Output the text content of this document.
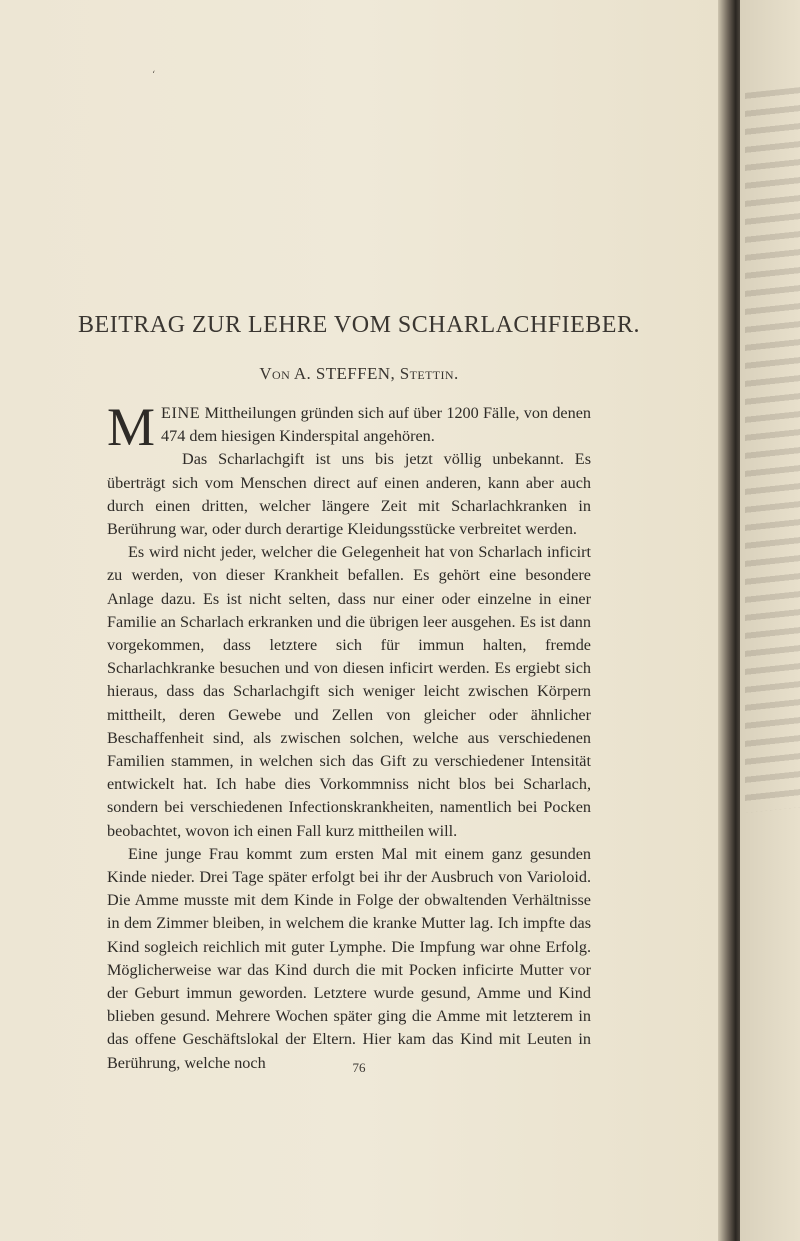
‘
BEITRAG ZUR LEHRE VOM SCHARLACHFIEBER.
Von A. STEFFEN, Stettin.

MEINE Mittheilungen gründen sich auf über 1200 Fälle, von denen 474 dem hiesigen Kinderspital angehören.

Das Scharlachgift ist uns bis jetzt völlig unbekannt. Es überträgt sich vom Menschen direct auf einen anderen, kann aber auch durch einen dritten, welcher längere Zeit mit Scharlachkranken in Berührung war, oder durch derartige Kleidungsstücke verbreitet werden.

Es wird nicht jeder, welcher die Gelegenheit hat von Scharlach inficirt zu werden, von dieser Krankheit befallen. Es gehört eine besondere Anlage dazu. Es ist nicht selten, dass nur einer oder einzelne in einer Familie an Scharlach erkranken und die übrigen leer ausgehen. Es ist dann vorgekommen, dass letztere sich für immun halten, fremde Scharlachkranke besuchen und von diesen inficirt werden. Es ergiebt sich hieraus, dass das Scharlachgift sich weniger leicht zwischen Körpern mittheilt, deren Gewebe und Zellen von gleicher oder ähnlicher Beschaffenheit sind, als zwischen solchen, welche aus verschiedenen Familien stammen, in welchen sich das Gift zu verschiedener Intensität entwickelt hat. Ich habe dies Vorkommniss nicht blos bei Scharlach, sondern bei verschiedenen Infectionskrankheiten, namentlich bei Pocken beobachtet, wovon ich einen Fall kurz mittheilen will.

Eine junge Frau kommt zum ersten Mal mit einem ganz gesunden Kinde nieder. Drei Tage später erfolgt bei ihr der Ausbruch von Varioloid. Die Amme musste mit dem Kinde in Folge der obwaltenden Verhältnisse in dem Zimmer bleiben, in welchem die kranke Mutter lag. Ich impfte das Kind sogleich reichlich mit guter Lymphe. Die Impfung war ohne Erfolg. Möglicherweise war das Kind durch die mit Pocken inficirte Mutter vor der Geburt immun geworden. Letztere wurde gesund, Amme und Kind blieben gesund. Mehrere Wochen später ging die Amme mit letzterem in das offene Geschäftslokal der Eltern. Hier kam das Kind mit Leuten in Berührung, welche noch	76
